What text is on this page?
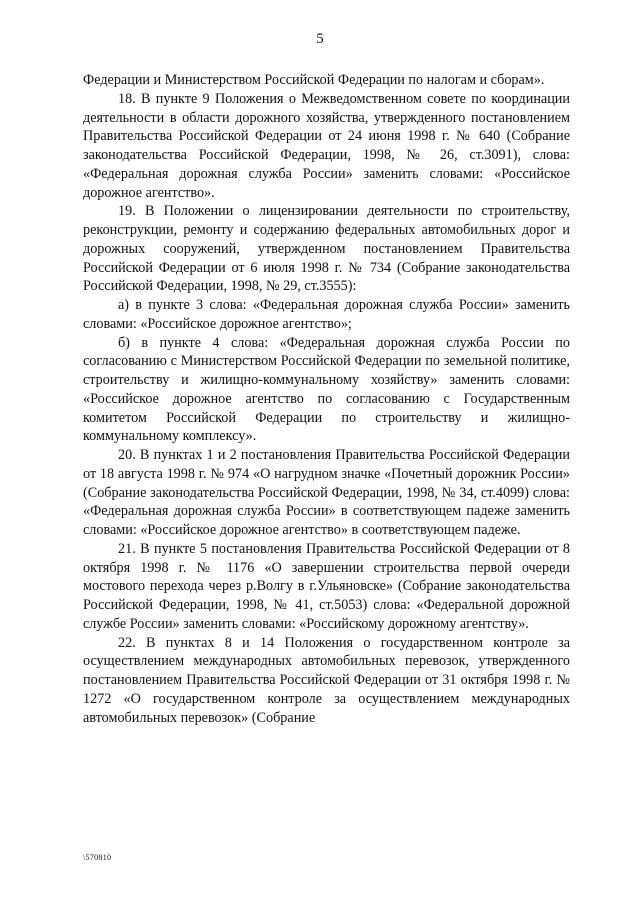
5

Федерации и Министерством Российской Федерации по налогам и сборам».

18. В пункте 9 Положения о Межведомственном совете по координации деятельности в области дорожного хозяйства, утвержденного постановлением Правительства Российской Федерации от 24 июня 1998 г. № 640 (Собрание законодательства Российской Федерации, 1998, № 26, ст.3091), слова: «Федеральная дорожная служба России» заменить словами: «Российское дорожное агентство».

19. В Положении о лицензировании деятельности по строительству, реконструкции, ремонту и содержанию федеральных автомобильных дорог и дорожных сооружений, утвержденном постановлением Правительства Российской Федерации от 6 июля 1998 г. № 734 (Собрание законодательства Российской Федерации, 1998, № 29, ст.3555):

а) в пункте 3 слова: «Федеральная дорожная служба России» заменить словами: «Российское дорожное агентство»;

б) в пункте 4 слова: «Федеральная дорожная служба России по согласованию с Министерством Российской Федерации по земельной политике, строительству и жилищно-коммунальному хозяйству» заменить словами: «Российское дорожное агентство по согласованию с Государственным комитетом Российской Федерации по строительству и жилищно-коммунальному комплексу».

20. В пунктах 1 и 2 постановления Правительства Российской Федерации от 18 августа 1998 г. № 974 «О нагрудном значке «Почетный дорожник России» (Собрание законодательства Российской Федерации, 1998, № 34, ст.4099) слова: «Федеральная дорожная служба России» в соответствующем падеже заменить словами: «Российское дорожное агентство» в соответствующем падеже.

21. В пункте 5 постановления Правительства Российской Федерации от 8 октября 1998 г. № 1176 «О завершении строительства первой очереди мостового перехода через р.Волгу в г.Ульяновске» (Собрание законодательства Российской Федерации, 1998, № 41, ст.5053) слова: «Федеральной дорожной службе России» заменить словами: «Российскому дорожному агентству».

22. В пунктах 8 и 14 Положения о государственном контроле за осуществлением международных автомобильных перевозок, утвержденного постановлением Правительства Российской Федерации от 31 октября 1998 г. № 1272 «О государственном контроле за осуществлением международных автомобильных перевозок» (Собрание

\570810
